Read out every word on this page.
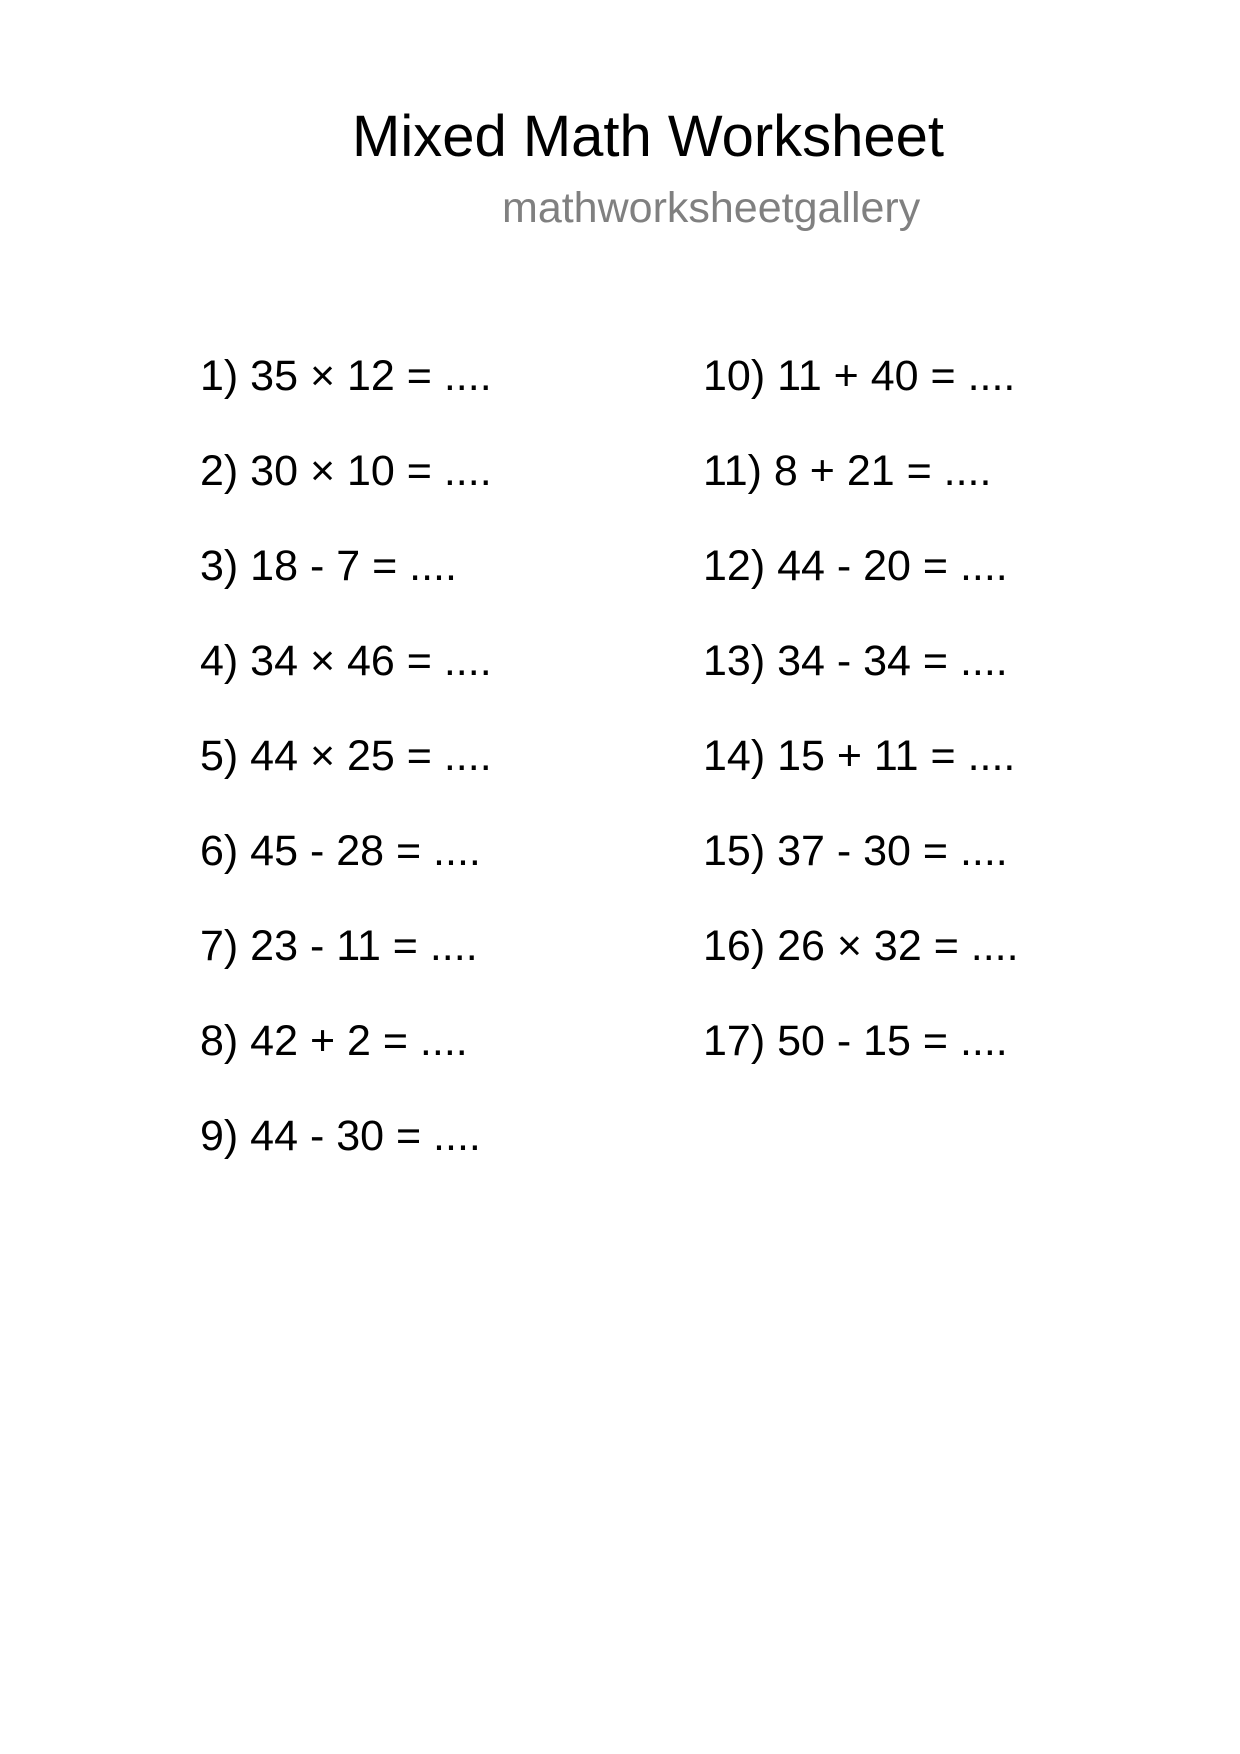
Mixed Math Worksheet
mathworksheetgallery
1) 35 × 12 = ....
2) 30 × 10 = ....
3) 18 - 7 = ....
4) 34 × 46 = ....
5) 44 × 25 = ....
6) 45 - 28 = ....
7) 23 - 11 = ....
8) 42 + 2 = ....
9) 44 - 30 = ....
10) 11 + 40 = ....
11) 8 + 21 = ....
12) 44 - 20 = ....
13) 34 - 34 = ....
14) 15 + 11 = ....
15) 37 - 30 = ....
16) 26 × 32 = ....
17) 50 - 15 = ....
